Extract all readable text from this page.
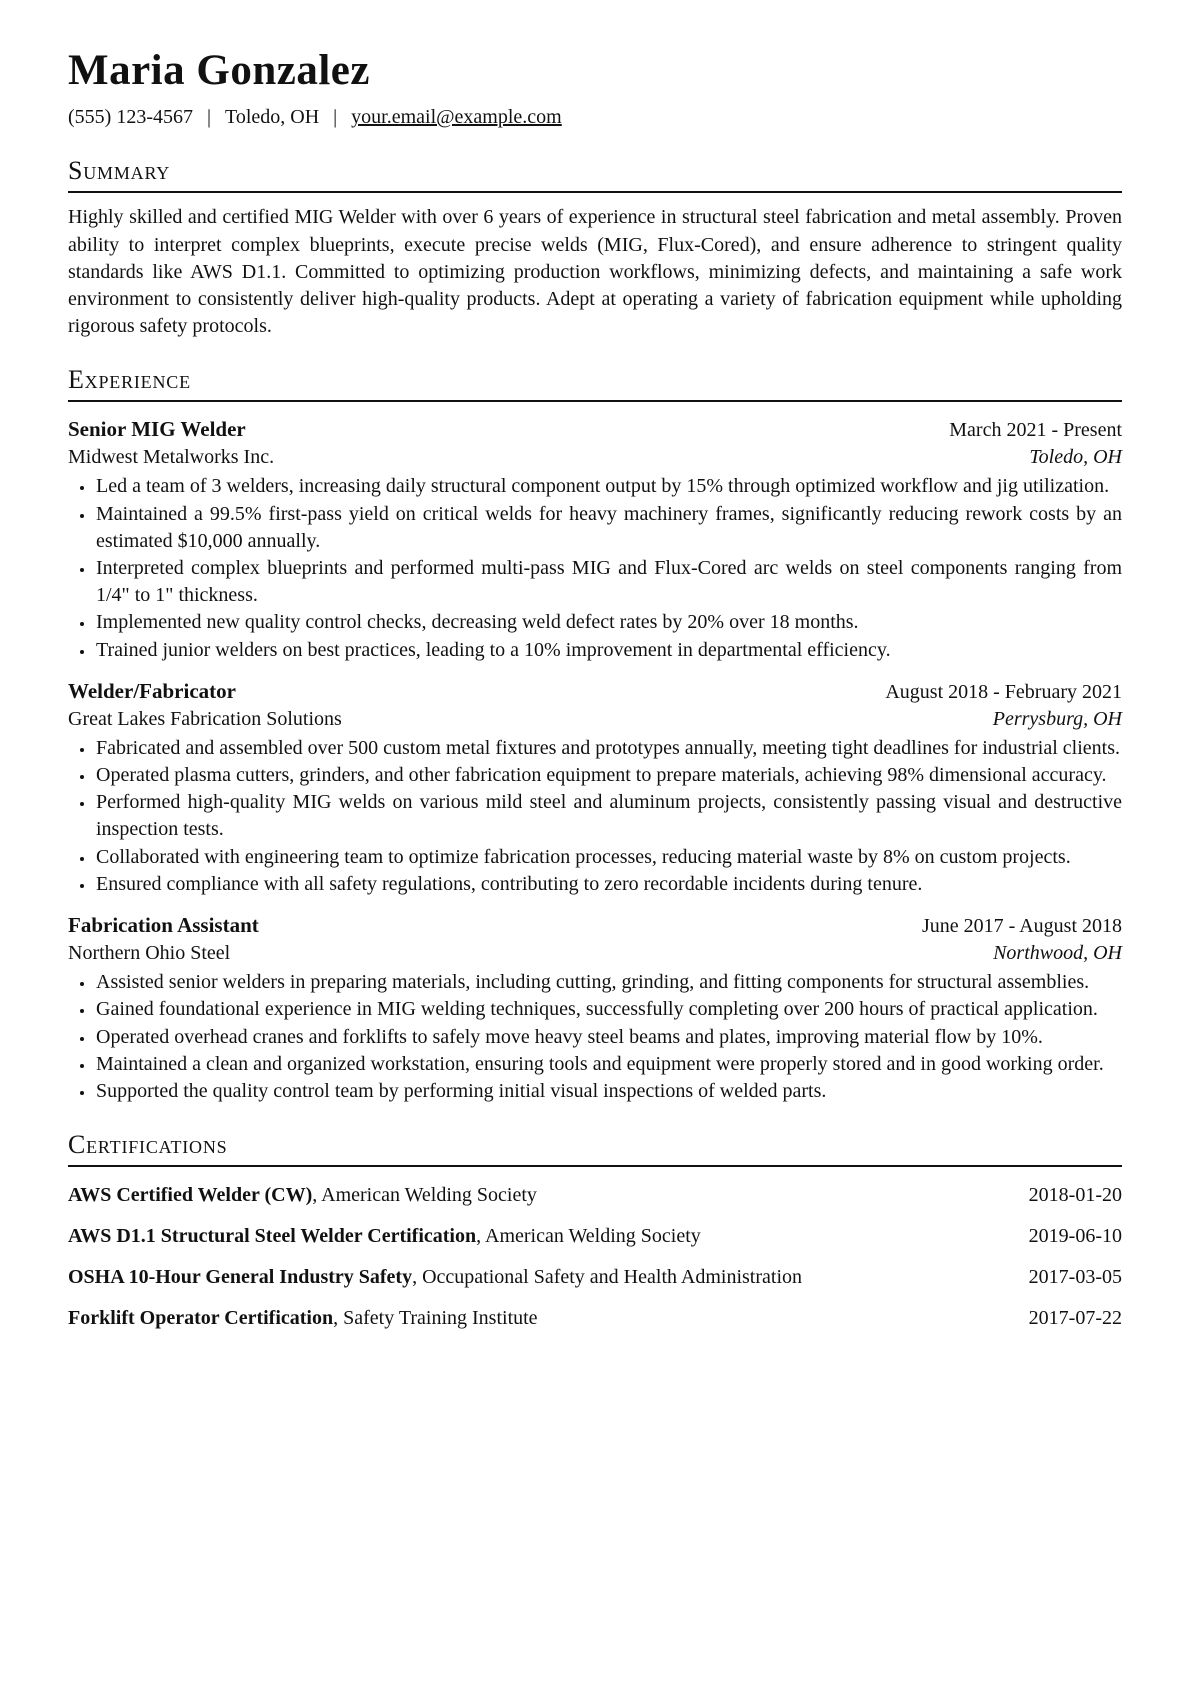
Maria Gonzalez
(555) 123-4567 | Toledo, OH | your.email@example.com
Summary

Highly skilled and certified MIG Welder with over 6 years of experience in structural steel fabrication and metal assembly. Proven ability to interpret complex blueprints, execute precise welds (MIG, Flux-Cored), and ensure adherence to stringent quality standards like AWS D1.1. Committed to optimizing production workflows, minimizing defects, and maintaining a safe work environment to consistently deliver high-quality products. Adept at operating a variety of fabrication equipment while upholding rigorous safety protocols.

Experience
Senior MIG Welder	March 2021 - Present
Midwest Metalworks Inc.	Toledo, OH
• Led a team of 3 welders, increasing daily structural component output by 15% through optimized workflow and jig utilization.
• Maintained a 99.5% first-pass yield on critical welds for heavy machinery frames, significantly reducing rework costs by an estimated $10,000 annually.
• Interpreted complex blueprints and performed multi-pass MIG and Flux-Cored arc welds on steel components ranging from 1/4" to 1" thickness.
• Implemented new quality control checks, decreasing weld defect rates by 20% over 18 months.
• Trained junior welders on best practices, leading to a 10% improvement in departmental efficiency.
Welder/Fabricator	August 2018 - February 2021
Great Lakes Fabrication Solutions	Perrysburg, OH
• Fabricated and assembled over 500 custom metal fixtures and prototypes annually, meeting tight deadlines for industrial clients.
• Operated plasma cutters, grinders, and other fabrication equipment to prepare materials, achieving 98% dimensional accuracy.
• Performed high-quality MIG welds on various mild steel and aluminum projects, consistently passing visual and destructive inspection tests.
• Collaborated with engineering team to optimize fabrication processes, reducing material waste by 8% on custom projects.
• Ensured compliance with all safety regulations, contributing to zero recordable incidents during tenure.
Fabrication Assistant	June 2017 - August 2018
Northern Ohio Steel	Northwood, OH
• Assisted senior welders in preparing materials, including cutting, grinding, and fitting components for structural assemblies.
• Gained foundational experience in MIG welding techniques, successfully completing over 200 hours of practical application.
• Operated overhead cranes and forklifts to safely move heavy steel beams and plates, improving material flow by 10%.
• Maintained a clean and organized workstation, ensuring tools and equipment were properly stored and in good working order.
• Supported the quality control team by performing initial visual inspections of welded parts.
Certifications
AWS Certified Welder (CW), American Welding Society	2018-01-20
AWS D1.1 Structural Steel Welder Certification, American Welding Society	2019-06-10
OSHA 10-Hour General Industry Safety, Occupational Safety and Health Administration	2017-03-05
Forklift Operator Certification, Safety Training Institute	2017-07-22
